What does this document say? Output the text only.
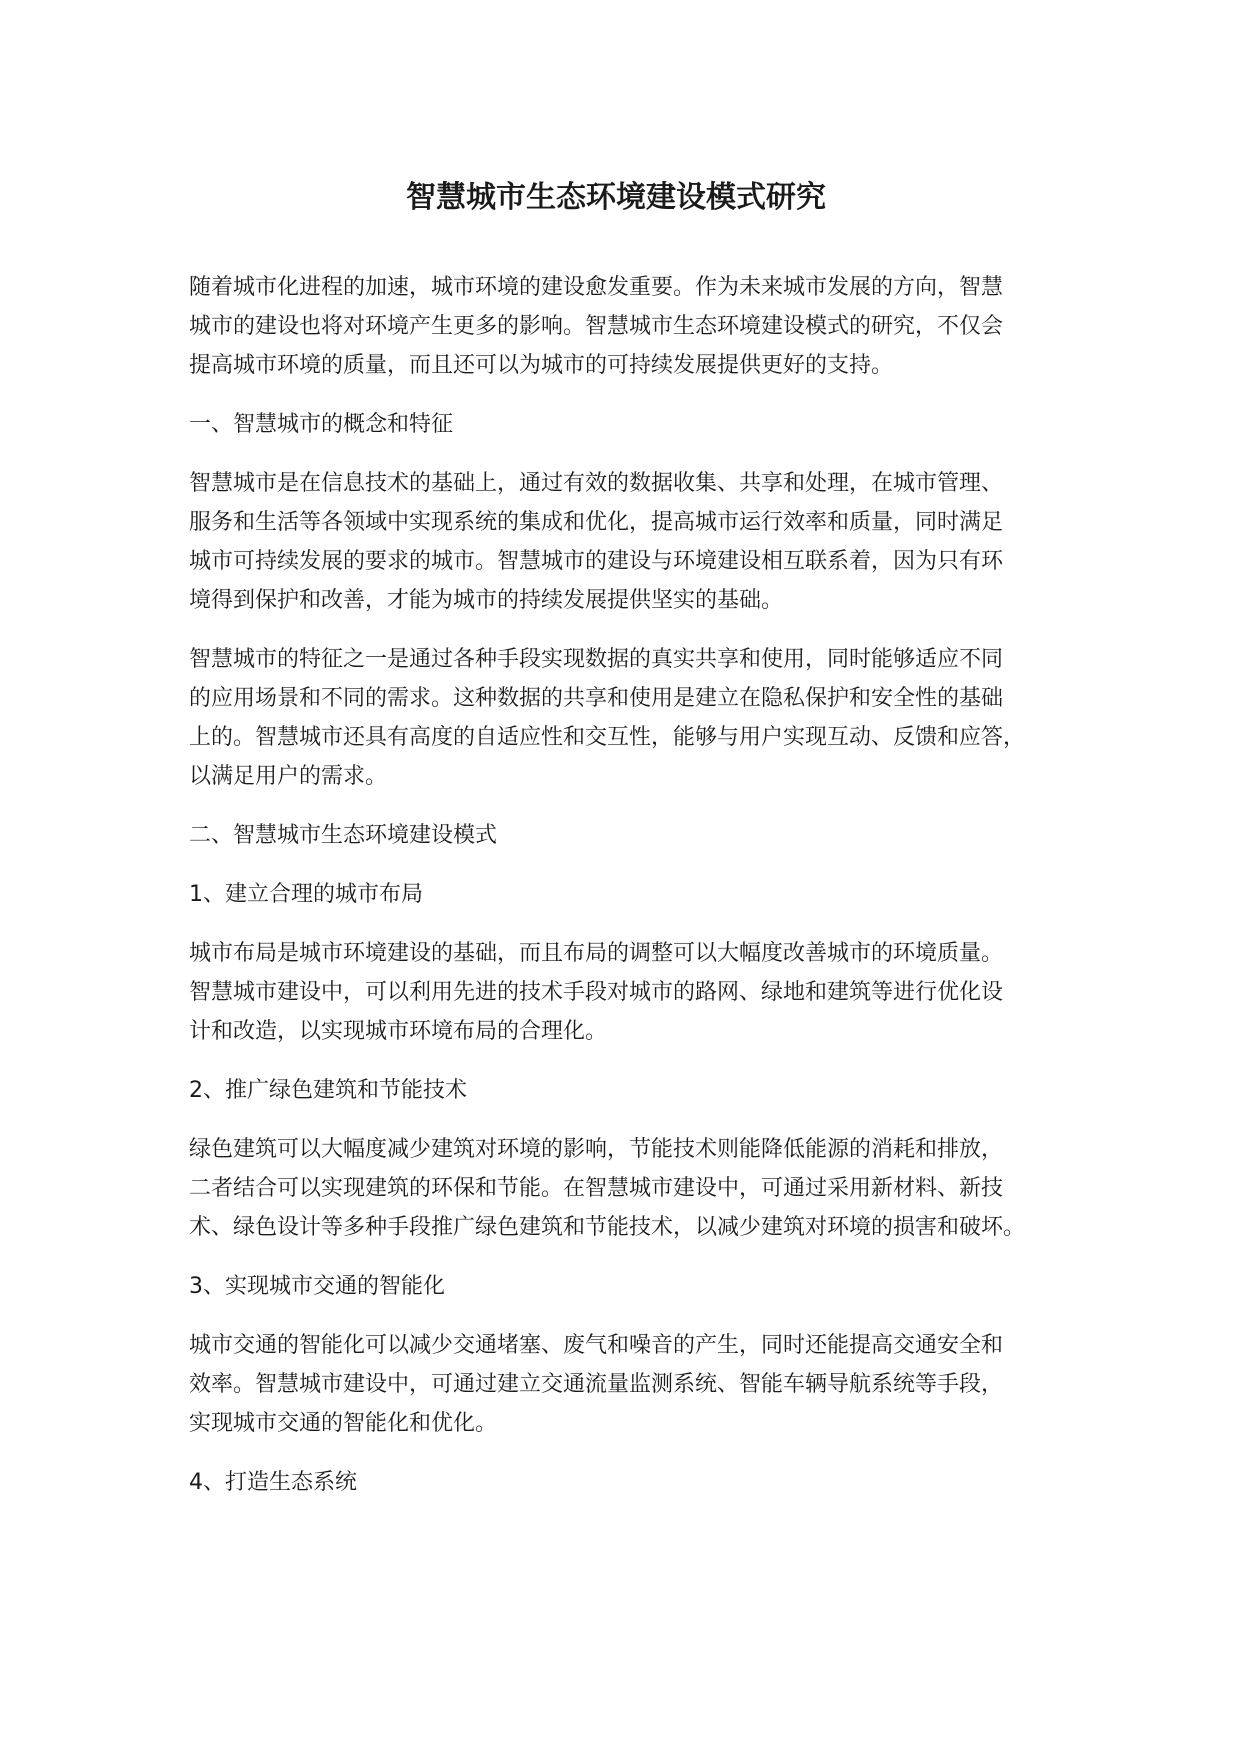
智慧城市生态环境建设模式研究

随着城市化进程的加速，城市环境的建设愈发重要。作为未来城市发展的方向，智慧
城市的建设也将对环境产生更多的影响。智慧城市生态环境建设模式的研究，不仅会
提高城市环境的质量，而且还可以为城市的可持续发展提供更好的支持。

一、智慧城市的概念和特征

智慧城市是在信息技术的基础上，通过有效的数据收集、共享和处理，在城市管理、
服务和生活等各领域中实现系统的集成和优化，提高城市运行效率和质量，同时满足
城市可持续发展的要求的城市。智慧城市的建设与环境建设相互联系着，因为只有环
境得到保护和改善，才能为城市的持续发展提供坚实的基础。

智慧城市的特征之一是通过各种手段实现数据的真实共享和使用，同时能够适应不同
的应用场景和不同的需求。这种数据的共享和使用是建立在隐私保护和安全性的基础
上的。智慧城市还具有高度的自适应性和交互性，能够与用户实现互动、反馈和应答，
以满足用户的需求。

二、智慧城市生态环境建设模式
1、建立合理的城市布局

城市布局是城市环境建设的基础，而且布局的调整可以大幅度改善城市的环境质量。
智慧城市建设中，可以利用先进的技术手段对城市的路网、绿地和建筑等进行优化设
计和改造，以实现城市环境布局的合理化。

2、推广绿色建筑和节能技术

绿色建筑可以大幅度减少建筑对环境的影响，节能技术则能降低能源的消耗和排放，
二者结合可以实现建筑的环保和节能。在智慧城市建设中，可通过采用新材料、新技
术、绿色设计等多种手段推广绿色建筑和节能技术，以减少建筑对环境的损害和破坏。

3、实现城市交通的智能化

城市交通的智能化可以减少交通堵塞、废气和噪音的产生，同时还能提高交通安全和
效率。智慧城市建设中，可通过建立交通流量监测系统、智能车辆导航系统等手段，
实现城市交通的智能化和优化。

4、打造生态系统
